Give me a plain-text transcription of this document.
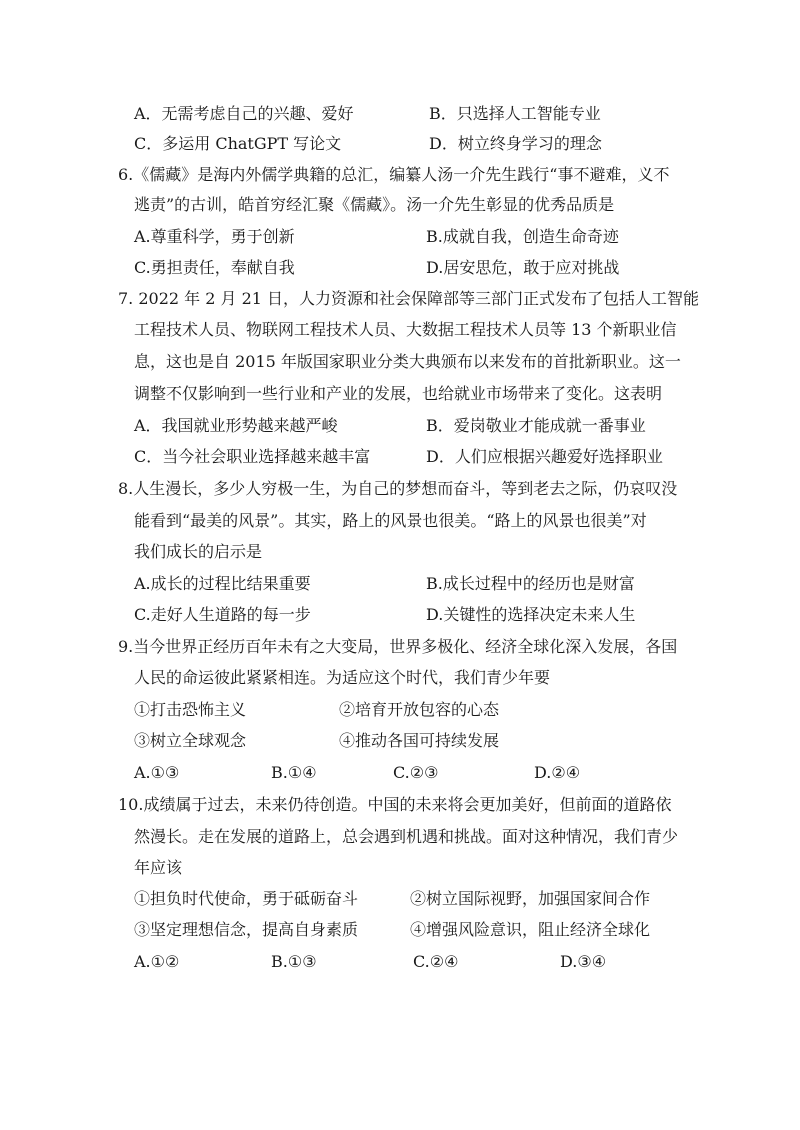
A．无需考虑自己的兴趣、爱好	B．只选择人工智能专业
C．多运用 ChatGPT 写论文	D．树立终身学习的理念
6.《儒藏》是海内外儒学典籍的总汇，编纂人汤一介先生践行“事不避难，义不
逃责”的古训，皓首穷经汇聚《儒藏》。汤一介先生彰显的优秀品质是
A.尊重科学，勇于创新	B.成就自我，创造生命奇迹
C.勇担责任，奉献自我	D.居安思危，敢于应对挑战
7. 2022 年 2 月 21 日，人力资源和社会保障部等三部门正式发布了包括人工智能
工程技术人员、物联网工程技术人员、大数据工程技术人员等 13 个新职业信
息，这也是自 2015 年版国家职业分类大典颁布以来发布的首批新职业。这一
调整不仅影响到一些行业和产业的发展，也给就业市场带来了变化。这表明
A．我国就业形势越来越严峻	B．爱岗敬业才能成就一番事业
C．当今社会职业选择越来越丰富	D．人们应根据兴趣爱好选择职业
8.人生漫长，多少人穷极一生，为自己的梦想而奋斗，等到老去之际，仍哀叹没
能看到“最美的风景”。其实，路上的风景也很美。“路上的风景也很美”对
我们成长的启示是
A.成长的过程比结果重要	B.成长过程中的经历也是财富
C.走好人生道路的每一步	D.关键性的选择决定未来人生
9.当今世界正经历百年未有之大变局，世界多极化、经济全球化深入发展，各国
人民的命运彼此紧紧相连。为适应这个时代，我们青少年要
①打击恐怖主义	②培育开放包容的心态
③树立全球观念	④推动各国可持续发展
A.①③	B.①④	C.②③	D.②④
10.成绩属于过去，未来仍待创造。中国的未来将会更加美好，但前面的道路依
然漫长。走在发展的道路上，总会遇到机遇和挑战。面对这种情况，我们青少
年应该
①担负时代使命，勇于砥砺奋斗	②树立国际视野，加强国家间合作
③坚定理想信念，提高自身素质	④增强风险意识，阻止经济全球化
A.①②	B.①③	C.②④	D.③④
